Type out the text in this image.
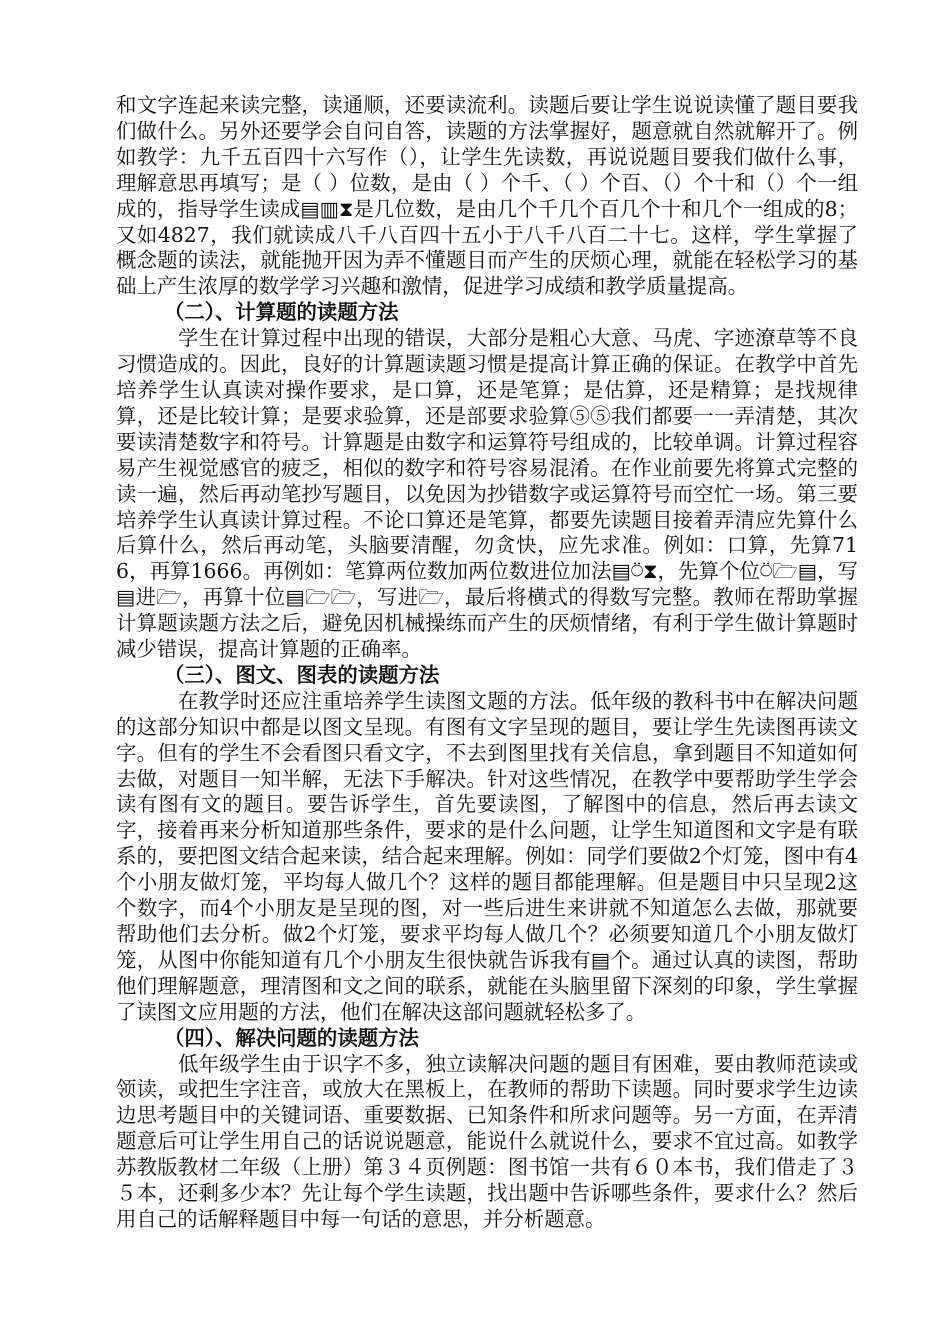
和文字连起来读完整，读通顺，还要读流利。读题后要让学生说说读懂了题目要我们做什么。另外还要学会自问自答，读题的方法掌握好，题意就自然就解开了。例如教学：九千五百四十六写作（），让学生先读数，再说说题目要我们做什么事，理解意思再填写；是（ ）位数，是由（ ）个千、（ ）个百、（）个十和（）个一组成的，指导学生读成▤▥⧗是几位数，是由几个千几个百几个十和几个一组成的8；又如4827，我们就读成八千八百四十五小于八千八百二十七。这样，学生掌握了概念题的读法，就能抛开因为弄不懂题目而产生的厌烦心理，就能在轻松学习的基础上产生浓厚的数学学习兴趣和激情，促进学习成绩和教学质量提高。

（二）、计算题的读题方法

学生在计算过程中出现的错误，大部分是粗心大意、马虎、字迹潦草等不良习惯造成的。因此，良好的计算题读题习惯是提高计算正确的保证。在教学中首先培养学生认真读对操作要求，是口算，还是笔算；是估算，还是精算；是找规律算，还是比较计算；是要求验算，还是部要求验算⑤⑤我们都要一一弄清楚，其次要读清楚数字和符号。计算题是由数字和运算符号组成的，比较单调。计算过程容易产生视觉感官的疲乏，相似的数字和符号容易混淆。在作业前要先将算式完整的读一遍，然后再动笔抄写题目，以免因为抄错数字或运算符号而空忙一场。第三要培养学生认真读计算过程。不论口算还是笔算，都要先读题目接着弄清应先算什么后算什么，然后再动笔，头脑要清醒，勿贪快，应先求准。例如：口算，先算716，再算1666。再例如：笔算两位数加两位数进位加法▤⍥⧗，先算个位⍥🗁▤，写▤进🗁，再算十位▤🗁🗁，写进🗁，最后将横式的得数写完整。教师在帮助掌握计算题读题方法之后，避免因机械操练而产生的厌烦情绪，有利于学生做计算题时减少错误，提高计算题的正确率。

（三）、图文、图表的读题方法

在教学时还应注重培养学生读图文题的方法。低年级的教科书中在解决问题的这部分知识中都是以图文呈现。有图有文字呈现的题目，要让学生先读图再读文字。但有的学生不会看图只看文字，不去到图里找有关信息，拿到题目不知道如何去做，对题目一知半解，无法下手解决。针对这些情况，在教学中要帮助学生学会读有图有文的题目。要告诉学生，首先要读图，了解图中的信息，然后再去读文字，接着再来分析知道那些条件，要求的是什么问题，让学生知道图和文字是有联系的，要把图文结合起来读，结合起来理解。例如：同学们要做2个灯笼，图中有4个小朋友做灯笼，平均每人做几个？这样的题目都能理解。但是题目中只呈现2这个数字，而4个小朋友是呈现的图，对一些后进生来讲就不知道怎么去做，那就要帮助他们去分析。做2个灯笼，要求平均每人做几个？必须要知道几个小朋友做灯笼，从图中你能知道有几个小朋友生很快就告诉我有▤个。通过认真的读图，帮助他们理解题意，理清图和文之间的联系，就能在头脑里留下深刻的印象，学生掌握了读图文应用题的方法，他们在解决这部问题就轻松多了。

（四）、解决问题的读题方法

低年级学生由于识字不多，独立读解决问题的题目有困难，要由教师范读或领读，或把生字注音，或放大在黑板上，在教师的帮助下读题。同时要求学生边读边思考题目中的关键词语、重要数据、已知条件和所求问题等。另一方面，在弄清题意后可让学生用自己的话说说题意，能说什么就说什么，要求不宜过高。如教学苏教版教材二年级（上册）第３４页例题：图书馆一共有６０本书，我们借走了３５本，还剩多少本？先让每个学生读题，找出题中告诉哪些条件，要求什么？然后用自己的话解释题目中每一句话的意思，并分析题意。
